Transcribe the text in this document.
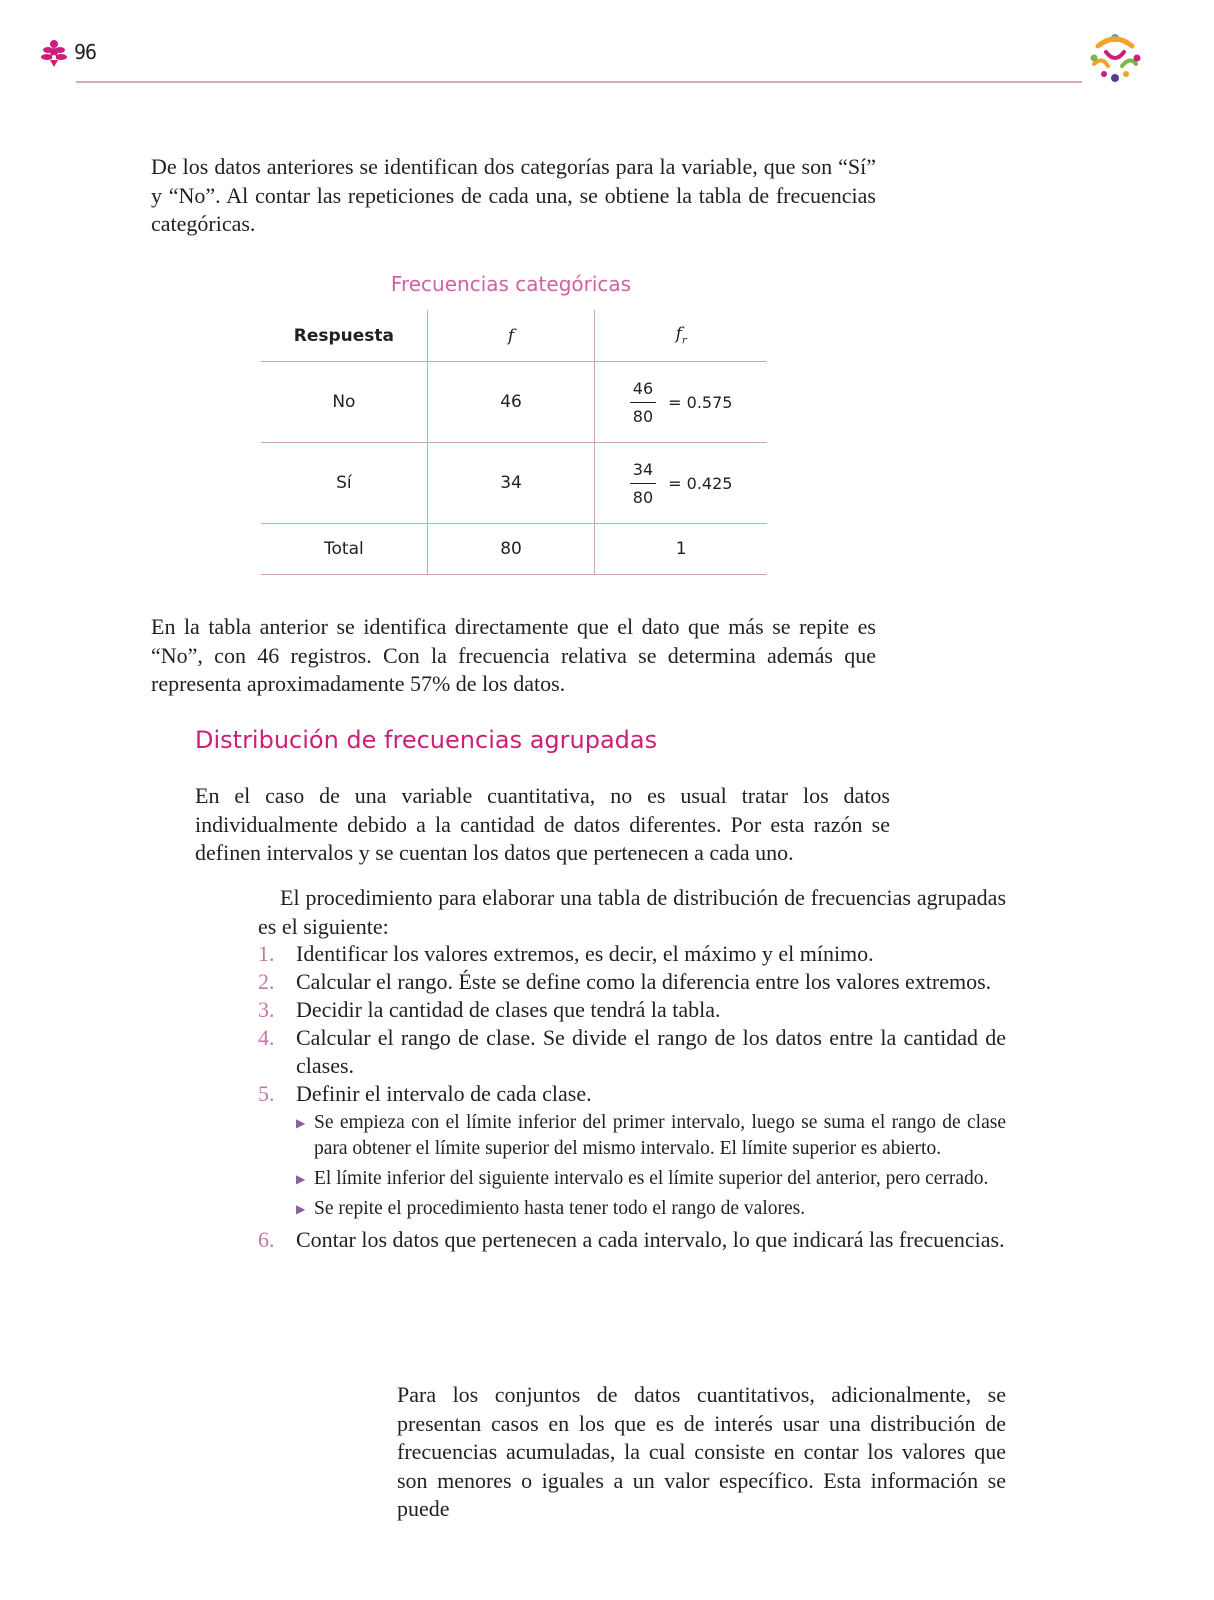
96
De los datos anteriores se identifican dos categorías para la variable, que son “Sí” y “No”. Al contar las repeticiones de cada una, se obtiene la tabla de frecuencias categóricas.
Frecuencias categóricas
Respuesta	f	$f_r$
No	46	$\frac{46}{80} = 0.575$

Sí	34	$\frac{34}{80} = 0.425$

Total	80	1
En la tabla anterior se identifica directamente que el dato que más se repite es “No”, con 46 registros. Con la frecuencia relativa se determina además que representa aproximadamente 57% de los datos.
Distribución de frecuencias agrupadas
En el caso de una variable cuantitativa, no es usual tratar los datos individualmente debido a la cantidad de datos diferentes. Por esta razón se definen intervalos y se cuentan los datos que pertenecen a cada uno.
El procedimiento para elaborar una tabla de distribución de frecuencias agrupadas es el siguiente:
1. Identificar los valores extremos, es decir, el máximo y el mínimo.
2. Calcular el rango. Éste se define como la diferencia entre los valores extremos.
3. Decidir la cantidad de clases que tendrá la tabla.
4. Calcular el rango de clase. Se divide el rango de los datos entre la cantidad de clases.
5. Definir el intervalo de cada clase.
▶ Se empieza con el límite inferior del primer intervalo, luego se suma el rango de clase para obtener el límite superior del mismo intervalo. El límite superior es abierto.
▶ El límite inferior del siguiente intervalo es el límite superior del anterior, pero cerrado.
▶ Se repite el procedimiento hasta tener todo el rango de valores.
6. Contar los datos que pertenecen a cada intervalo, lo que indicará las frecuencias.
Para los conjuntos de datos cuantitativos, adicionalmente, se presentan casos en los que es de interés usar una distribución de frecuencias acumuladas, la cual consiste en contar los valores que son menores o iguales a un valor específico. Esta información se puede
